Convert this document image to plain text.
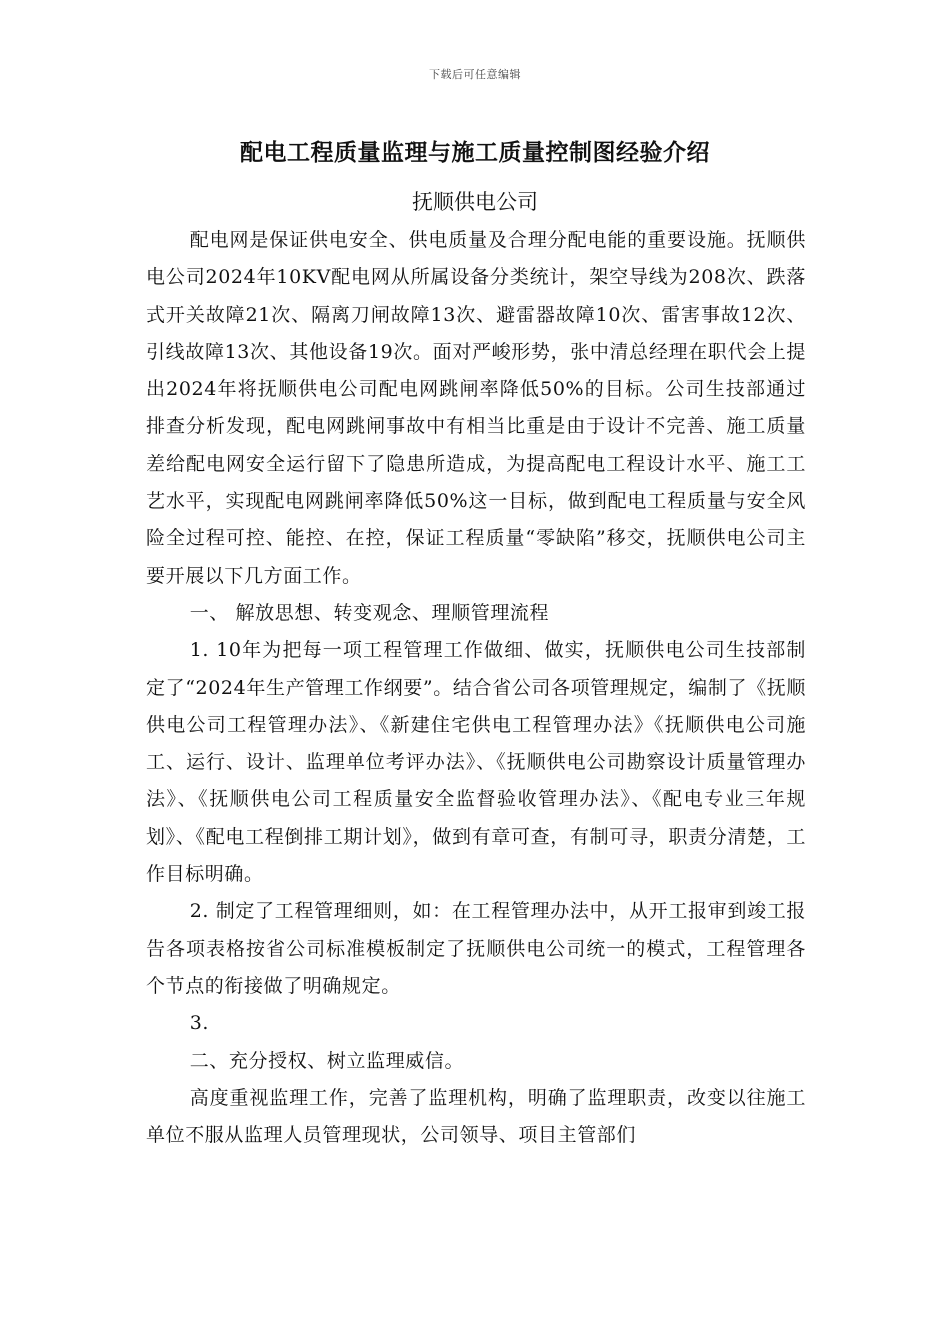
下载后可任意编辑
配电工程质量监理与施工质量控制图经验介绍
抚顺供电公司

配电网是保证供电安全、供电质量及合理分配电能的重要设施。抚顺供电公司2024年10KV配电网从所属设备分类统计，架空导线为208次、跌落式开关故障21次、隔离刀闸故障13次、避雷器故障10次、雷害事故12次、引线故障13次、其他设备19次。面对严峻形势，张中清总经理在职代会上提出2024年将抚顺供电公司配电网跳闸率降低50%的目标。公司生技部通过排查分析发现，配电网跳闸事故中有相当比重是由于设计不完善、施工质量差给配电网安全运行留下了隐患所造成，为提高配电工程设计水平、施工工艺水平，实现配电网跳闸率降低50%这一目标，做到配电工程质量与安全风险全过程可控、能控、在控，保证工程质量“零缺陷”移交，抚顺供电公司主要开展以下几方面工作。

一、 解放思想、转变观念、理顺管理流程

1. 10年为把每一项工程管理工作做细、做实，抚顺供电公司生技部制定了“2024年生产管理工作纲要”。结合省公司各项管理规定，编制了《抚顺供电公司工程管理办法》、《新建住宅供电工程管理办法》《抚顺供电公司施工、运行、设计、监理单位考评办法》、《抚顺供电公司勘察设计质量管理办法》、《抚顺供电公司工程质量安全监督验收管理办法》、《配电专业三年规划》、《配电工程倒排工期计划》，做到有章可查，有制可寻，职责分清楚，工作目标明确。

2. 制定了工程管理细则，如：在工程管理办法中，从开工报审到竣工报告各项表格按省公司标准模板制定了抚顺供电公司统一的模式，工程管理各个节点的衔接做了明确规定。

3.

二、充分授权、树立监理威信。

高度重视监理工作，完善了监理机构，明确了监理职责，改变以往施工单位不服从监理人员管理现状，公司领导、项目主管部们
